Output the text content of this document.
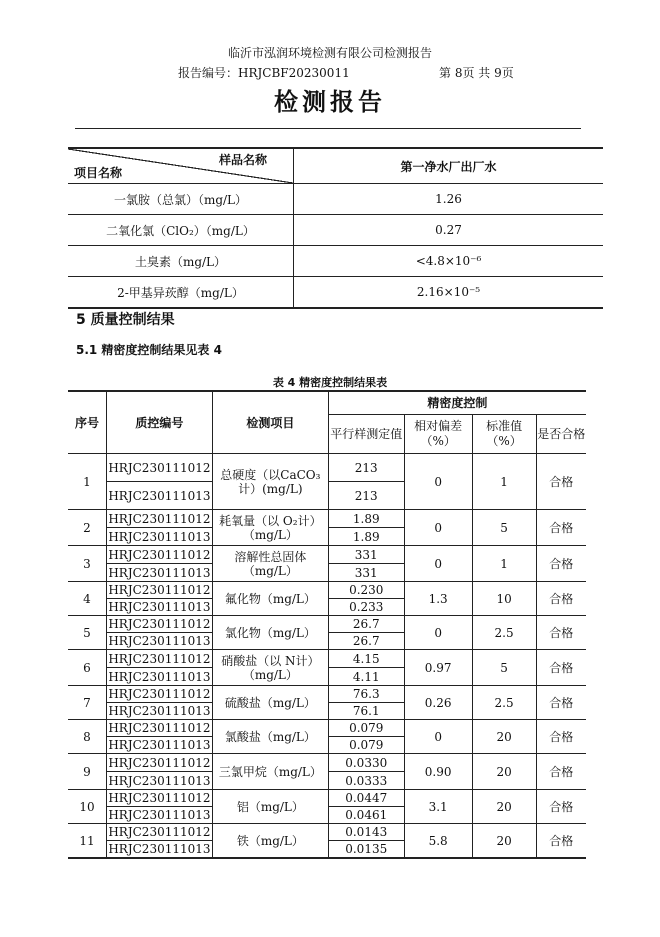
临沂市泓润环境检测有限公司检测报告
报告编号：HRJCBF20230011	第 8页 共 9页
检测报告
样品名称
项目名称	第一净水厂出厂水
一氯胺（总氯）（mg/L）	1.26
二氧化氯（ClO₂）（mg/L）	0.27
土臭素（mg/L）	<4.8×10⁻⁶
2-甲基异莰醇（mg/L）	2.16×10⁻⁵
5 质量控制结果
5.1 精密度控制结果见表 4
表 4 精密度控制结果表
序号	质控编号	检测项目	精密度控制			
			平行样测定值	相对偏差（%）	标准值（%）	是否合格
1	HRJC230111012	总硬度（以CaCO₃计）(mg/L)	213	0	1	合格
	HRJC230111013		213			
2	HRJC230111012	耗氧量（以 O₂计）（mg/L）	1.89	0	5	合格
	HRJC230111013		1.89			
3	HRJC230111012	溶解性总固体（mg/L）	331	0	1	合格
	HRJC230111013		331			
4	HRJC230111012	氟化物（mg/L）	0.230	1.3	10	合格
	HRJC230111013		0.233			
5	HRJC230111012	氯化物（mg/L）	26.7	0	2.5	合格
	HRJC230111013		26.7			
6	HRJC230111012	硝酸盐（以 N计）（mg/L）	4.15	0.97	5	合格
	HRJC230111013		4.11			
7	HRJC230111012	硫酸盐（mg/L）	76.3	0.26	2.5	合格
	HRJC230111013		76.1			
8	HRJC230111012	氯酸盐（mg/L）	0.079	0	20	合格
	HRJC230111013		0.079			
9	HRJC230111012	三氯甲烷（mg/L）	0.0330	0.90	20	合格
	HRJC230111013		0.0333			
10	HRJC230111012	铝（mg/L）	0.0447	3.1	20	合格
	HRJC230111013		0.0461			
11	HRJC230111012	铁（mg/L）	0.0143	5.8	20	合格
	HRJC230111013		0.0135			
